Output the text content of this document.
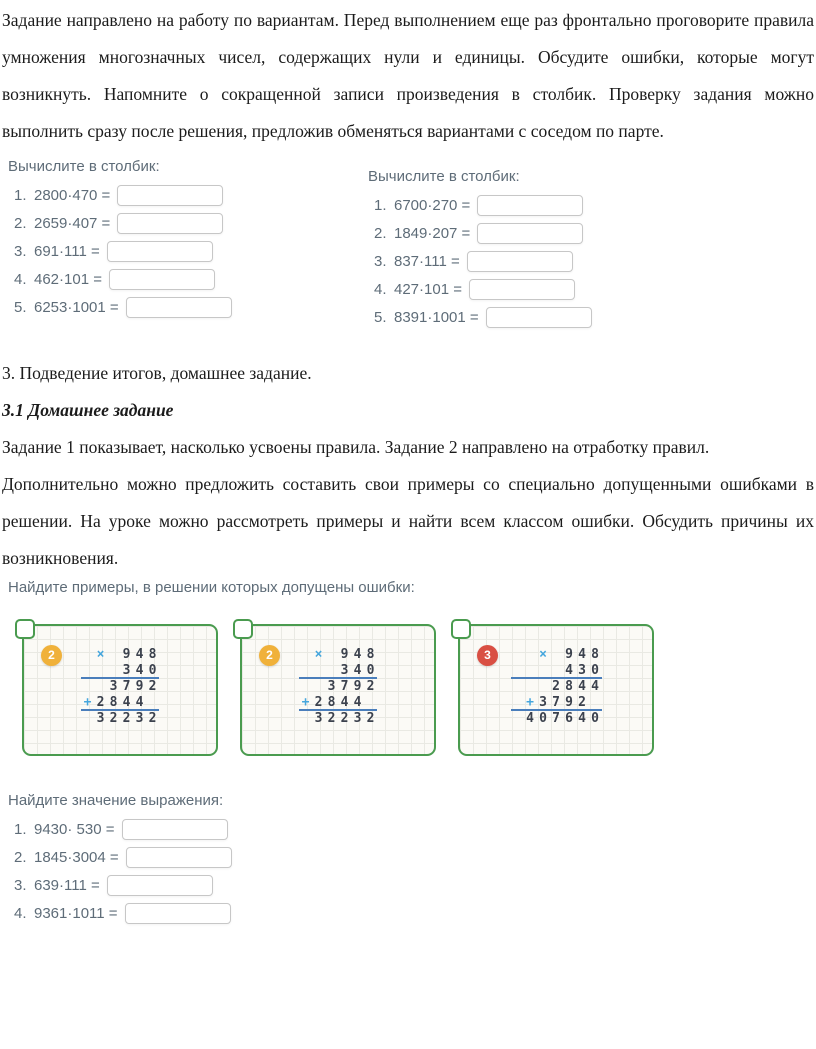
Задание направлено на работу по вариантам. Перед выполнением еще раз фронтально проговорите правила умножения многозначных чисел, содержащих нули и единицы. Обсудите ошибки, которые могут возникнуть. Напомните о сокращенной записи произведения в столбик. Проверку задания можно выполнить сразу после решения, предложив обменяться вариантами с соседом по парте.

Вычислите в столбик:
1. 2800·470 =
2. 2659·407 =
3. 691·111 =
4. 462·101 =
5. 6253·1001 =
Вычислите в столбик:
1. 6700·270 =
2. 1849·207 =
3. 837·111 =
4. 427·101 =
5. 8391·1001 =

3. Подведение итогов, домашнее задание.

3.1 Домашнее задание

Задание 1 показывает, насколько усвоены правила. Задание 2 направлено на отработку правил.

Дополнительно можно предложить составить свои примеры со специально допущенными ошибками в решении. На уроке можно рассмотреть примеры и найти всем классом ошибки. Обсудить причины их возникновения.

Найдите примеры, в решении которых допущены ошибки:
2
	×
9 4 8

3 4 0

3 7 9 2
+ 2 8 4 4

3 2 2 3 2
2
	×
9 4 8

3 4 0

3 7 9 2
+ 2 8 4 4

3 2 2 3 2
3

	×
9 4 8

4 3 0

2 8 4 4

+ 3 7 9 2

4 0 7 6 4 0
Найдите значение выражения:
1. 9430· 530 =
2. 1845·3004 =
3. 639·111 =
4. 9361·1011 =
